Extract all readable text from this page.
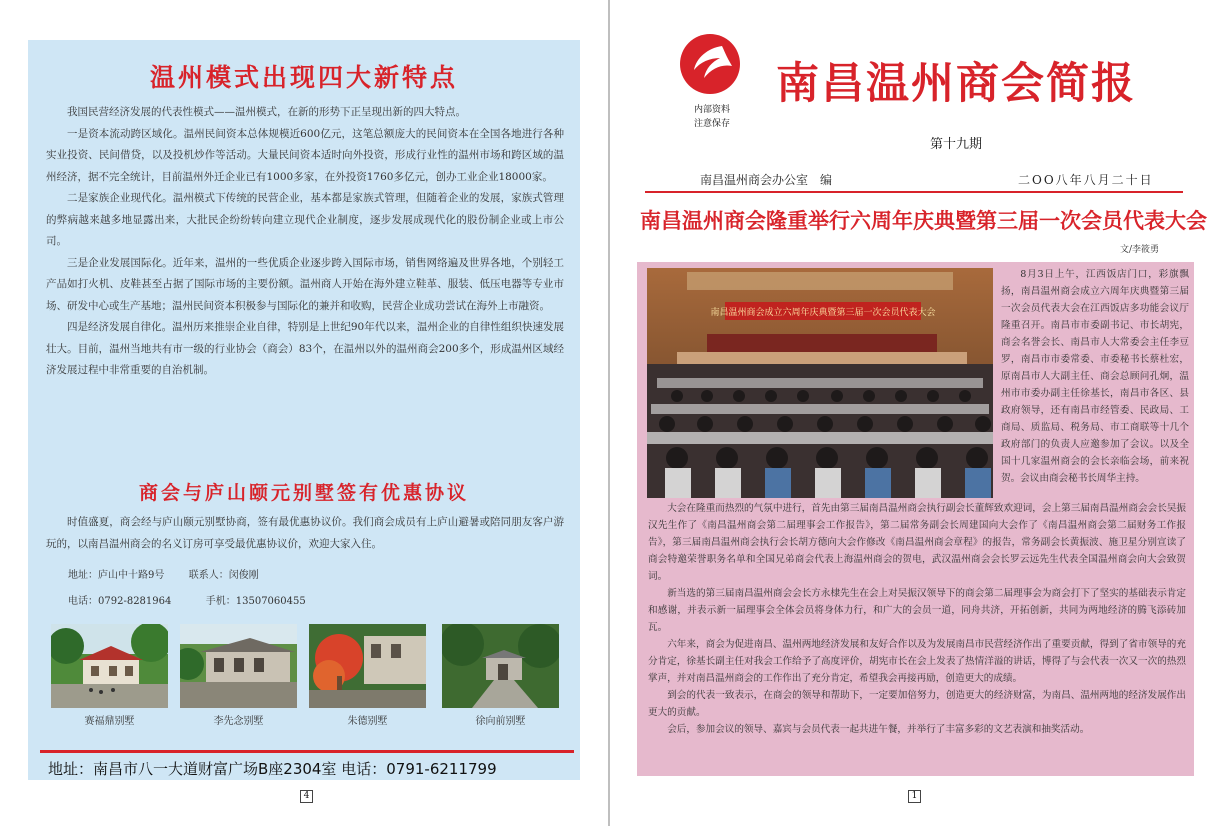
温州模式出现四大新特点

我国民营经济发展的代表性模式——温州模式，在新的形势下正呈现出新的四大特点。

一是资本流动跨区域化。温州民间资本总体规模近600亿元，这笔总额庞大的民间资本在全国各地进行各种实业投资、民间借贷，以及投机炒作等活动。大量民间资本适时向外投资，形成行业性的温州市场和跨区域的温州经济，据不完全统计，目前温州外迁企业已有1000多家，在外投资1760多亿元，创办工业企业18000家。

二是家族企业现代化。温州模式下传统的民营企业，基本都是家族式管理，但随着企业的发展，家族式管理的弊病越来越多地显露出来，大批民企纷纷转向建立现代企业制度，逐步发展成现代化的股份制企业或上市公司。

三是企业发展国际化。近年来，温州的一些优质企业逐步跨入国际市场，销售网络遍及世界各地，个别轻工产品如打火机、皮鞋甚至占据了国际市场的主要份额。温州商人开始在海外建立鞋革、服装、低压电器等专业市场、研发中心或生产基地；温州民间资本积极参与国际化的兼并和收购，民营企业成功尝试在海外上市融资。

四是经济发展自律化。温州历来推崇企业自律，特别是上世纪90年代以来，温州企业的自律性组织快速发展壮大。目前，温州当地共有市一级的行业协会（商会）83个，在温州以外的温州商会200多个，形成温州区域经济发展过程中非常重要的自治机制。

商会与庐山颐元别墅签有优惠协议

时值盛夏，商会经与庐山颐元别墅协商，签有最优惠协议价。我们商会成员有上庐山避暑或陪同朋友客户游玩的，以南昌温州商会的名义订房可享受最优惠协议价，欢迎大家入住。

地址：庐山中十路9号 联系人：闵俊刚
电话：0792-8281964	手机：13507060455
赛福鼎别墅	李先念别墅	朱德别墅	徐向前别墅
地址：南昌市八一大道财富广场B座2304室 电话：0791-6211799
4
内部资料
注意保存
南昌温州商会简报
第十九期
南昌温州商会办公室　编	二OO八年八月二十日
南昌温州商会隆重举行六周年庆典暨第三届一次会员代表大会
文/李筱勇
南昌温州商会成立六周年庆典暨第三届一次会员代表大会

8月3日上午，江西饭店门口，彩旗飘扬，南昌温州商会成立六周年庆典暨第三届一次会员代表大会在江西饭店多功能会议厅隆重召开。南昌市市委副书记、市长胡宪，商会名誉会长、南昌市人大常委会主任李豆罗，南昌市市委常委、市委秘书长蔡杜宏，原南昌市人大副主任、商会总顾问孔炯，温州市市委办副主任徐基长，南昌市各区、县政府领导，还有南昌市经管委、民政局、工商局、质监局、税务局、市工商联等十几个政府部门的负责人应邀参加了会议。以及全国十几家温州商会的会长亲临会场，前来祝贺。会议由商会秘书长周华主持。

大会在隆重而热烈的气氛中进行，首先由第三届南昌温州商会执行副会长董辉致欢迎词，会上第三届南昌温州商会会长吴振汉先生作了《南昌温州商会第二届理事会工作报告》，第二届常务副会长周建国向大会作了《南昌温州商会第二届财务工作报告》，第三届南昌温州商会执行会长胡方德向大会作修改《南昌温州商会章程》的报告，常务副会长黄振波、施卫星分别宣读了商会特邀荣誉职务名单和全国兄弟商会代表上海温州商会的贺电，武汉温州商会会长罗云远先生代表全国温州商会向大会致贺词。

新当选的第三届南昌温州商会会长方永棣先生在会上对吴振汉领导下的商会第二届理事会为商会打下了坚实的基础表示肯定和感谢，并表示新一届理事会全体会员将身体力行，和广大的会员一道，同舟共济，开拓创新，共同为两地经济的腾飞添砖加瓦。

六年来，商会为促进南昌、温州两地经济发展和友好合作以及为发展南昌市民营经济作出了重要贡献，得到了省市领导的充分肯定，徐基长副主任对我会工作给予了高度评价，胡宪市长在会上发表了热情洋溢的讲话，博得了与会代表一次又一次的热烈掌声，并对南昌温州商会的工作作出了充分肯定，希望我会再接再励，创造更大的成绩。

到会的代表一致表示，在商会的领导和帮助下，一定要加倍努力，创造更大的经济财富，为南昌、温州两地的经济发展作出更大的贡献。

会后，参加会议的领导、嘉宾与会员代表一起共进午餐，并举行了丰富多彩的文艺表演和抽奖活动。

1
